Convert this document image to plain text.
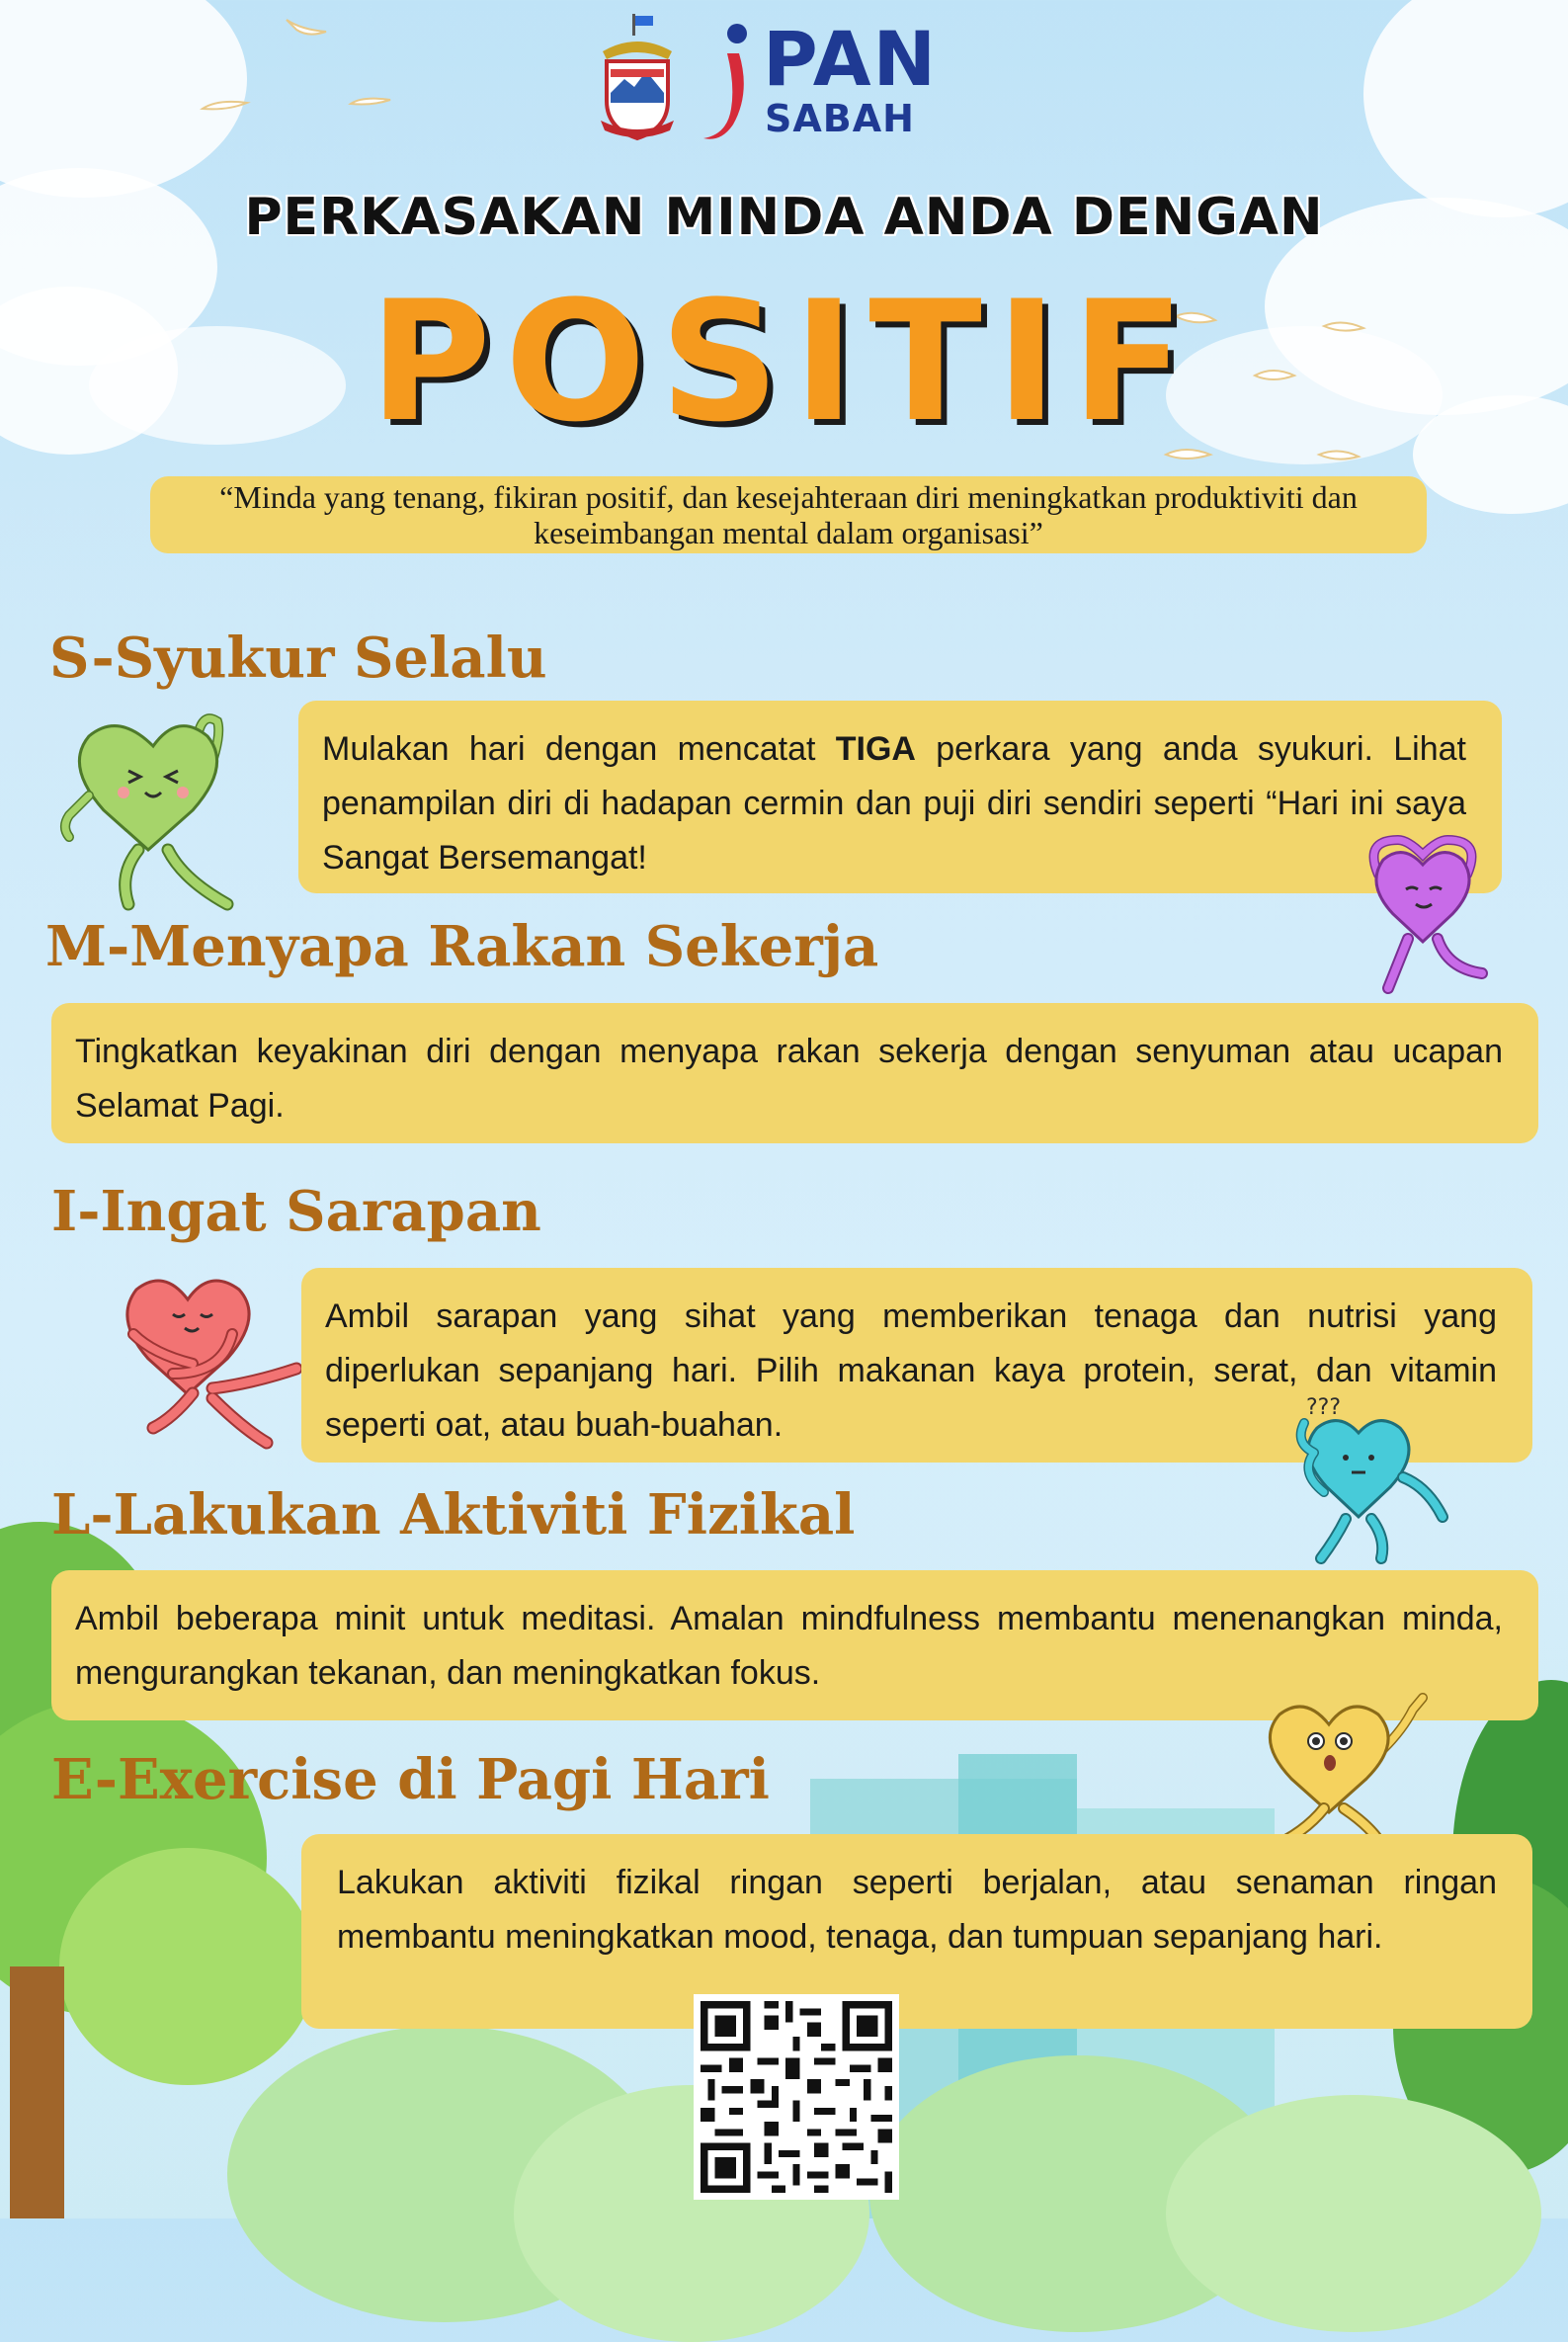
PAN
SABAH
PERKASAKAN MINDA ANDA DENGAN
POSITIF
“Minda yang tenang, fikiran positif, dan kesejahteraan diri meningkatkan produktiviti dan keseimbangan mental dalam organisasi”
S-Syukur Selalu
Mulakan hari dengan mencatat TIGA perkara yang anda syukuri. Lihat penampilan diri di hadapan cermin dan puji diri sendiri seperti “Hari ini saya Sangat Bersemangat!
M-Menyapa Rakan Sekerja
Tingkatkan keyakinan diri dengan menyapa rakan sekerja dengan senyuman atau ucapan Selamat Pagi.
I-Ingat Sarapan
Ambil sarapan yang sihat yang memberikan tenaga dan nutrisi yang diperlukan sepanjang hari. Pilih makanan kaya protein, serat, dan vitamin seperti oat, atau buah-buahan.	???
L-Lakukan Aktiviti Fizikal
Ambil beberapa minit untuk meditasi. Amalan mindfulness membantu menenangkan minda, mengurangkan tekanan, dan meningkatkan fokus.
E-Exercise di Pagi Hari
Lakukan aktiviti fizikal ringan seperti berjalan, atau senaman ringan membantu meningkatkan mood, tenaga, dan tumpuan sepanjang hari.
